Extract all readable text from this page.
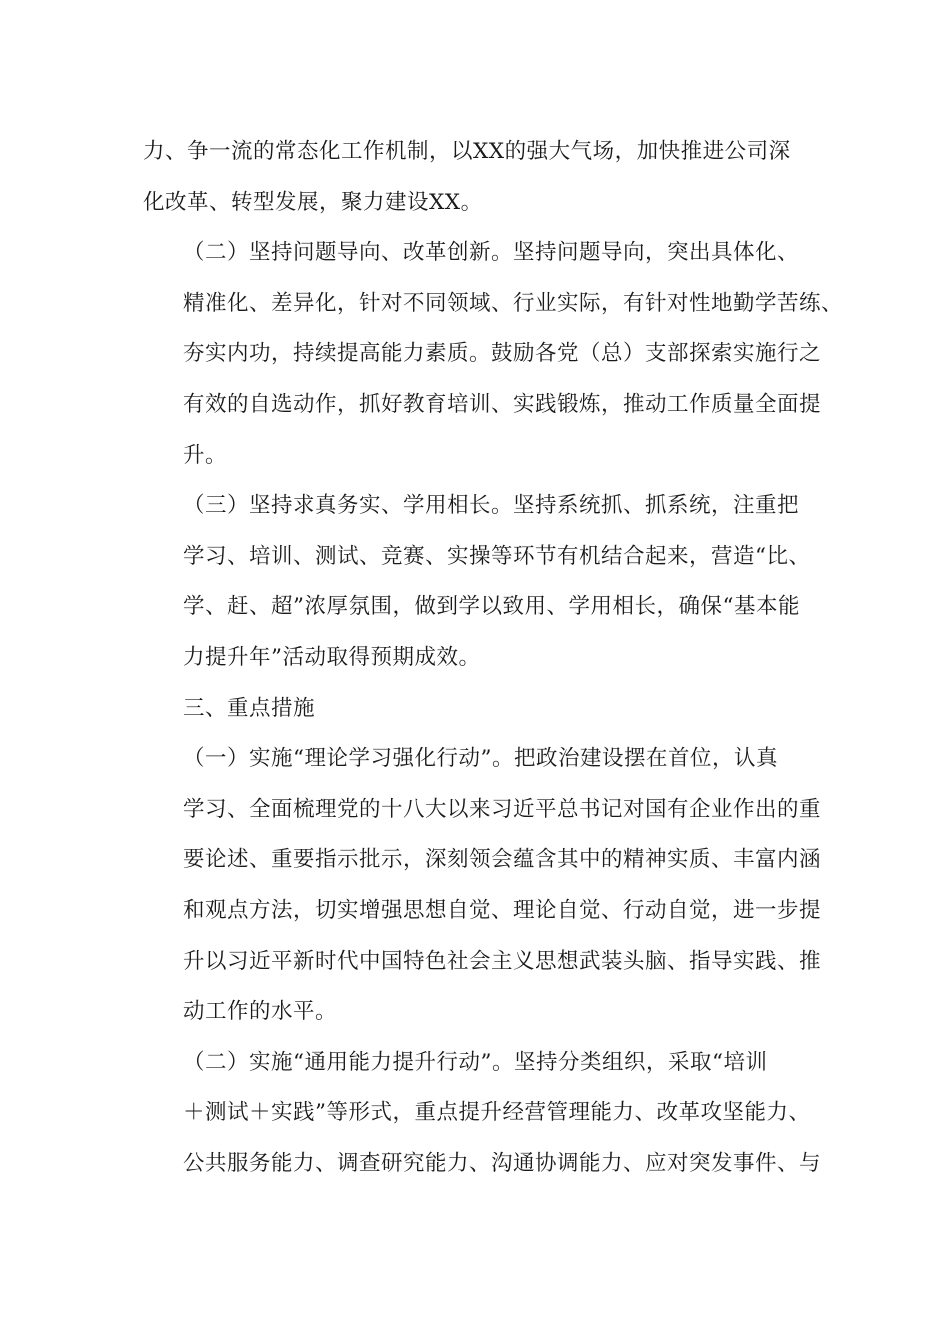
力、争一流的常态化工作机制，以XX的强大气场，加快推进公司深
化改革、转型发展，聚力建设XX。

（二）坚持问题导向、改革创新。坚持问题导向，突出具体化、
精准化、差异化，针对不同领域、行业实际，有针对性地勤学苦练、
夯实内功，持续提高能力素质。鼓励各党（总）支部探索实施行之
有效的自选动作，抓好教育培训、实践锻炼，推动工作质量全面提
升。

（三）坚持求真务实、学用相长。坚持系统抓、抓系统，注重把
学习、培训、测试、竞赛、实操等环节有机结合起来，营造“比、
学、赶、超”浓厚氛围，做到学以致用、学用相长，确保“基本能
力提升年”活动取得预期成效。

三、重点措施

（一）实施“理论学习强化行动”。把政治建设摆在首位，认真
学习、全面梳理党的十八大以来习近平总书记对国有企业作出的重
要论述、重要指示批示，深刻领会蕴含其中的精神实质、丰富内涵
和观点方法，切实增强思想自觉、理论自觉、行动自觉，进一步提
升以习近平新时代中国特色社会主义思想武装头脑、指导实践、推
动工作的水平。

（二）实施“通用能力提升行动”。坚持分类组织，采取“培训
＋测试＋实践”等形式，重点提升经营管理能力、改革攻坚能力、
公共服务能力、调查研究能力、沟通协调能力、应对突发事件、与
